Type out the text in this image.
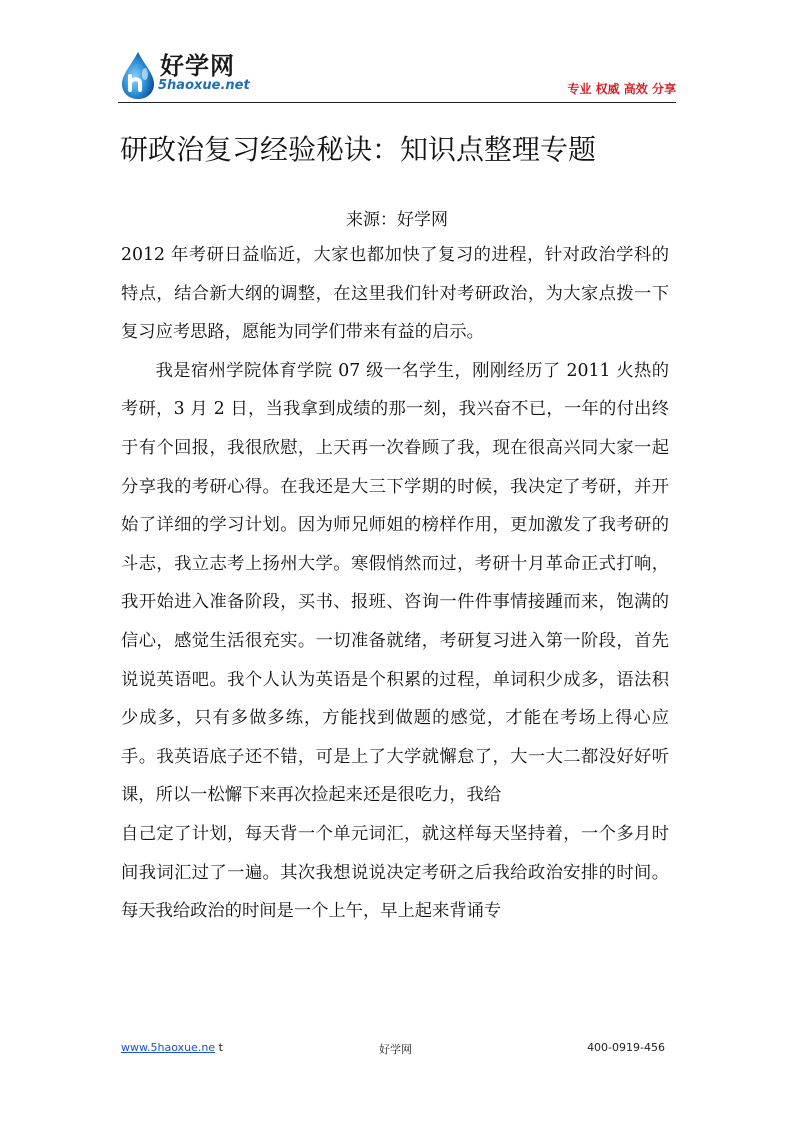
好学网
5haoxue.net	专业 权威 高效 分享
研政治复习经验秘诀：知识点整理专题
来源：好学网

2012 年考研日益临近，大家也都加快了复习的进程，针对政治学科的特点，结合新大纲的调整，在这里我们针对考研政治，为大家点拨一下复习应考思路，愿能为同学们带来有益的启示。

我是宿州学院体育学院 07 级一名学生，刚刚经历了 2011 火热的考研，3 月 2 日，当我拿到成绩的那一刻，我兴奋不已，一年的付出终于有个回报，我很欣慰，上天再一次眷顾了我，现在很高兴同大家一起分享我的考研心得。在我还是大三下学期的时候，我决定了考研，并开始了详细的学习计划。因为师兄师姐的榜样作用，更加激发了我考研的斗志，我立志考上扬州大学。寒假悄然而过，考研十月革命正式打响，我开始进入准备阶段，买书、报班、咨询一件件事情接踵而来，饱满的信心，感觉生活很充实。一切准备就绪，考研复习进入第一阶段，首先说说英语吧。我个人认为英语是个积累的过程，单词积少成多，语法积少成多，只有多做多练，方能找到做题的感觉，才能在考场上得心应手。我英语底子还不错，可是上了大学就懈怠了，大一大二都没好好听课，所以一松懈下来再次捡起来还是很吃力，我给

自己定了计划，每天背一个单元词汇，就这样每天坚持着，一个多月时间我词汇过了一遍。其次我想说说决定考研之后我给政治安排的时间。每天我给政治的时间是一个上午，早上起来背诵专

www.5haoxue.ne t	好学网	400-0919-456
